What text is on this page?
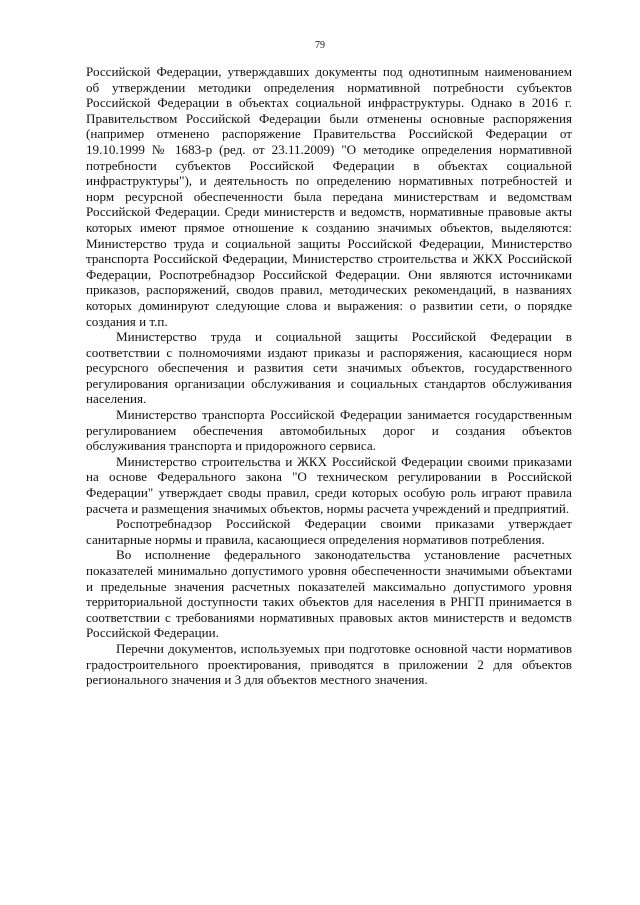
79

Российской Федерации, утверждавших документы под однотипным наименованием об утверждении методики определения нормативной потребности субъектов Российской Федерации в объектах социальной инфраструктуры. Однако в 2016 г. Правительством Российской Федерации были отменены основные распоряжения (например отменено распоряжение Правительства Российской Федерации от 19.10.1999 № 1683-р (ред. от 23.11.2009) "О методике определения нормативной потребности субъектов Российской Федерации в объектах социальной инфраструктуры"), и деятельность по определению нормативных потребностей и норм ресурсной обеспеченности была передана министерствам и ведомствам Российской Федерации. Среди министерств и ведомств, нормативные правовые акты которых имеют прямое отношение к созданию значимых объектов, выделяются: Министерство труда и социальной защиты Российской Федерации, Министерство транспорта Российской Федерации, Министерство строительства и ЖКХ Российской Федерации, Роспотребнадзор Российской Федерации. Они являются источниками приказов, распоряжений, сводов правил, методических рекомендаций, в названиях которых доминируют следующие слова и выражения: о развитии сети, о порядке создания и т.п.

Министерство труда и социальной защиты Российской Федерации в соответствии с полномочиями издают приказы и распоряжения, касающиеся норм ресурсного обеспечения и развития сети значимых объектов, государственного регулирования организации обслуживания и социальных стандартов обслуживания населения.

Министерство транспорта Российской Федерации занимается государственным регулированием обеспечения автомобильных дорог и создания объектов обслуживания транспорта и придорожного сервиса.

Министерство строительства и ЖКХ Российской Федерации своими приказами на основе Федерального закона "О техническом регулировании в Российской Федерации" утверждает своды правил, среди которых особую роль играют правила расчета и размещения значимых объектов, нормы расчета учреждений и предприятий.

Роспотребнадзор Российской Федерации своими приказами утверждает санитарные нормы и правила, касающиеся определения нормативов потребления.

Во исполнение федерального законодательства установление расчетных показателей минимально допустимого уровня обеспеченности значимыми объектами и предельные значения расчетных показателей максимально допустимого уровня территориальной доступности таких объектов для населения в РНГП принимается в соответствии с требованиями нормативных правовых актов министерств и ведомств Российской Федерации.

Перечни документов, используемых при подготовке основной части нормативов градостроительного проектирования, приводятся в приложении 2 для объектов регионального значения и 3 для объектов местного значения.
